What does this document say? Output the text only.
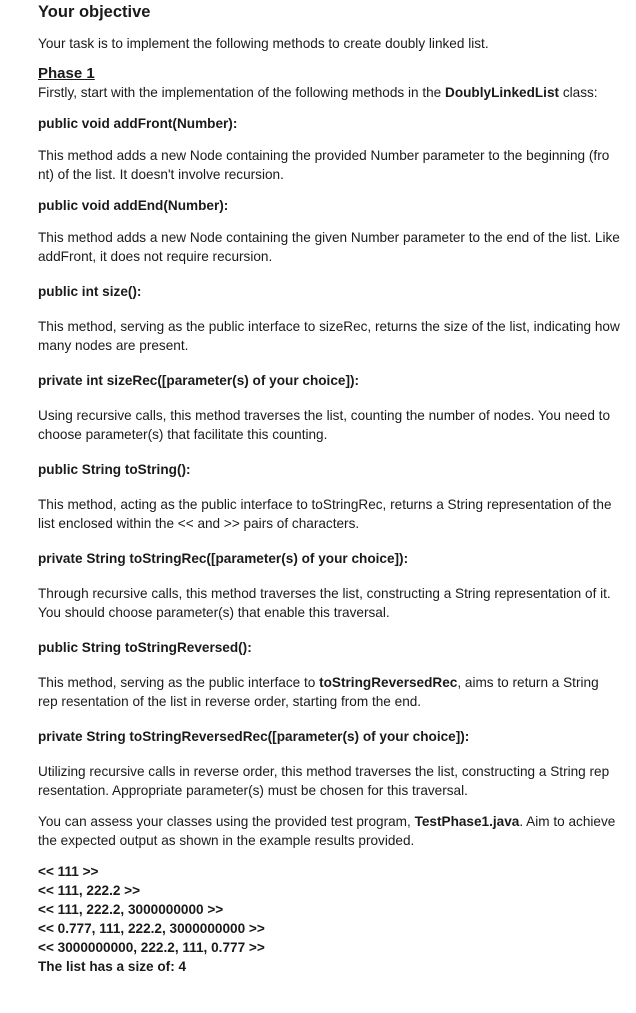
Your objective

Your task is to implement the following methods to create doubly linked list.

Phase 1

Firstly, start with the implementation of the following methods in the DoublyLinkedList class:

public void addFront(Number):

This method adds a new Node containing the provided Number parameter to the beginning (fro nt) of the list. It doesn't involve recursion.

public void addEnd(Number):

This method adds a new Node containing the given Number parameter to the end of the list. Like addFront, it does not require recursion.

public int size():

This method, serving as the public interface to sizeRec, returns the size of the list, indicating how many nodes are present.

private int sizeRec([parameter(s) of your choice]):

Using recursive calls, this method traverses the list, counting the number of nodes. You need to choose parameter(s) that facilitate this counting.

public String toString():

This method, acting as the public interface to toStringRec, returns a String representation of the list enclosed within the << and >> pairs of characters.

private String toStringRec([parameter(s) of your choice]):

Through recursive calls, this method traverses the list, constructing a String representation of it. You should choose parameter(s) that enable this traversal.

public String toStringReversed():

This method, serving as the public interface to toStringReversedRec, aims to return a String rep resentation of the list in reverse order, starting from the end.

private String toStringReversedRec([parameter(s) of your choice]):

Utilizing recursive calls in reverse order, this method traverses the list, constructing a String rep resentation. Appropriate parameter(s) must be chosen for this traversal.

You can assess your classes using the provided test program, TestPhase1.java. Aim to achieve the expected output as shown in the example results provided.

<< 111 >>

<< 111, 222.2 >>

<< 111, 222.2, 3000000000 >>

<< 0.777, 111, 222.2, 3000000000 >>

<< 3000000000, 222.2, 111, 0.777 >>

The list has a size of: 4
